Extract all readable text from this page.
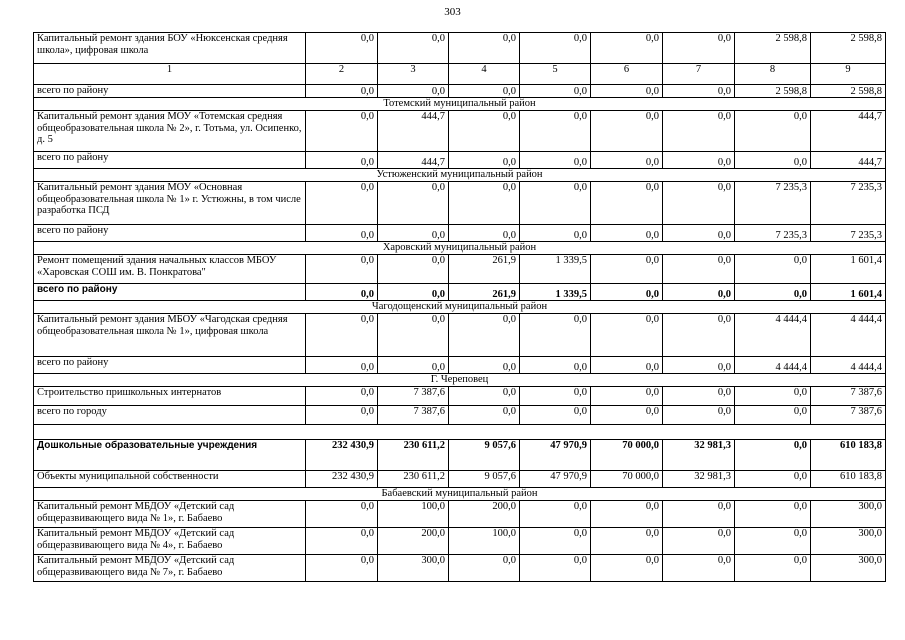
303
Капитальный ремонт здания БОУ «Нюксенская средняя школа», цифровая школа	0,0	0,0	0,0	0,0	0,0	0,0	2 598,8	2 598,8
1	2	3	4	5	6	7	8	9
всего по району	0,0	0,0	0,0	0,0	0,0	0,0	2 598,8	2 598,8
Тотемский муниципальный район								
Капитальный ремонт здания МОУ «Тотемская средняя общеобразовательная школа № 2», г. Тотьма, ул. Осипенко, д. 5	0,0	444,7	0,0	0,0	0,0	0,0	0,0	444,7
всего по району	0,0	444,7	0,0	0,0	0,0	0,0	0,0	444,7
Устюженский муниципальный район								
Капитальный ремонт здания МОУ «Основная общеобразовательная школа № 1» г. Устюжны, в том числе разработка ПСД	0,0	0,0	0,0	0,0	0,0	0,0	7 235,3	7 235,3
всего по району	0,0	0,0	0,0	0,0	0,0	0,0	7 235,3	7 235,3
Харовский муниципальный район								
Ремонт помещений здания начальных классов МБОУ «Харовская СОШ им. В. Понкратова"	0,0	0,0	261,9	1 339,5	0,0	0,0	0,0	1 601,4
всего по району	0,0	0,0	261,9	1 339,5	0,0	0,0	0,0	1 601,4
Чагодощенский муниципальный район								
Капитальный ремонт здания МБОУ «Чагодская средняя общеобразовательная школа № 1», цифровая школа	0,0	0,0	0,0	0,0	0,0	0,0	4 444,4	4 444,4
всего по району	0,0	0,0	0,0	0,0	0,0	0,0	4 444,4	4 444,4
Г. Череповец								
Строительство пришкольных интернатов	0,0	7 387,6	0,0	0,0	0,0	0,0	0,0	7 387,6
всего по городу	0,0	7 387,6	0,0	0,0	0,0	0,0	0,0	7 387,6

Дошкольные образовательные учреждения	232 430,9	230 611,2	9 057,6	47 970,9	70 000,0	32 981,3	0,0	610 183,8
Объекты муниципальной собственности	232 430,9	230 611,2	9 057,6	47 970,9	70 000,0	32 981,3	0,0	610 183,8
Бабаевский муниципальный район								
Капитальный ремонт МБДОУ «Детский сад общеразвивающего вида № 1», г. Бабаево	0,0	100,0	200,0	0,0	0,0	0,0	0,0	300,0
Капитальный ремонт МБДОУ «Детский сад общеразвивающего вида № 4», г. Бабаево	0,0	200,0	100,0	0,0	0,0	0,0	0,0	300,0
Капитальный ремонт МБДОУ «Детский сад общеразвивающего вида № 7», г. Бабаево	0,0	300,0	0,0	0,0	0,0	0,0	0,0	300,0
